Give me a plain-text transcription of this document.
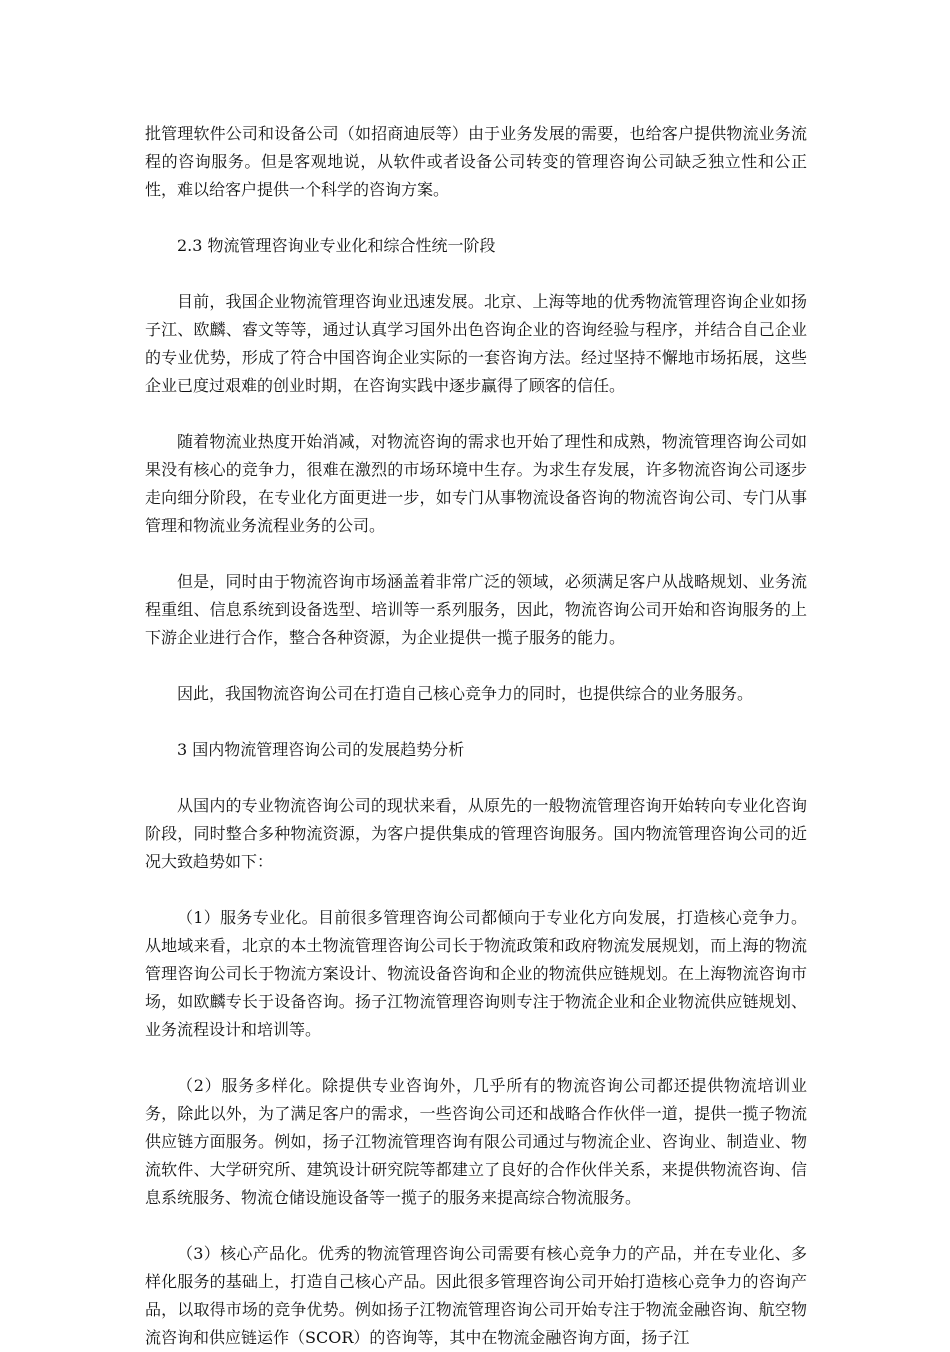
批管理软件公司和设备公司（如招商迪辰等）由于业务发展的需要，也给客户提供物流业务流程的咨询服务。但是客观地说，从软件或者设备公司转变的管理咨询公司缺乏独立性和公正性，难以给客户提供一个科学的咨询方案。

2.3 物流管理咨询业专业化和综合性统一阶段

目前，我国企业物流管理咨询业迅速发展。北京、上海等地的优秀物流管理咨询企业如扬子江、欧麟、睿文等等，通过认真学习国外出色咨询企业的咨询经验与程序，并结合自己企业的专业优势，形成了符合中国咨询企业实际的一套咨询方法。经过坚持不懈地市场拓展，这些企业已度过艰难的创业时期，在咨询实践中逐步赢得了顾客的信任。

随着物流业热度开始消减，对物流咨询的需求也开始了理性和成熟，物流管理咨询公司如果没有核心的竞争力，很难在激烈的市场环境中生存。为求生存发展，许多物流咨询公司逐步走向细分阶段，在专业化方面更进一步，如专门从事物流设备咨询的物流咨询公司、专门从事管理和物流业务流程业务的公司。

但是，同时由于物流咨询市场涵盖着非常广泛的领域，必须满足客户从战略规划、业务流程重组、信息系统到设备选型、培训等一系列服务，因此，物流咨询公司开始和咨询服务的上下游企业进行合作，整合各种资源，为企业提供一揽子服务的能力。

因此，我国物流咨询公司在打造自己核心竞争力的同时，也提供综合的业务服务。

3 国内物流管理咨询公司的发展趋势分析

从国内的专业物流咨询公司的现状来看，从原先的一般物流管理咨询开始转向专业化咨询阶段，同时整合多种物流资源，为客户提供集成的管理咨询服务。国内物流管理咨询公司的近况大致趋势如下：

（1）服务专业化。目前很多管理咨询公司都倾向于专业化方向发展，打造核心竞争力。从地域来看，北京的本土物流管理咨询公司长于物流政策和政府物流发展规划，而上海的物流管理咨询公司长于物流方案设计、物流设备咨询和企业的物流供应链规划。在上海物流咨询市场，如欧麟专长于设备咨询。扬子江物流管理咨询则专注于物流企业和企业物流供应链规划、业务流程设计和培训等。

（2）服务多样化。除提供专业咨询外，几乎所有的物流咨询公司都还提供物流培训业务，除此以外，为了满足客户的需求，一些咨询公司还和战略合作伙伴一道，提供一揽子物流供应链方面服务。例如，扬子江物流管理咨询有限公司通过与物流企业、咨询业、制造业、物流软件、大学研究所、建筑设计研究院等都建立了良好的合作伙伴关系，来提供物流咨询、信息系统服务、物流仓储设施设备等一揽子的服务来提高综合物流服务。

（3）核心产品化。优秀的物流管理咨询公司需要有核心竞争力的产品，并在专业化、多样化服务的基础上，打造自己核心产品。因此很多管理咨询公司开始打造核心竞争力的咨询产品，以取得市场的竞争优势。例如扬子江物流管理咨询公司开始专注于物流金融咨询、航空物流咨询和供应链运作（SCOR）的咨询等，其中在物流金融咨询方面，扬子江
